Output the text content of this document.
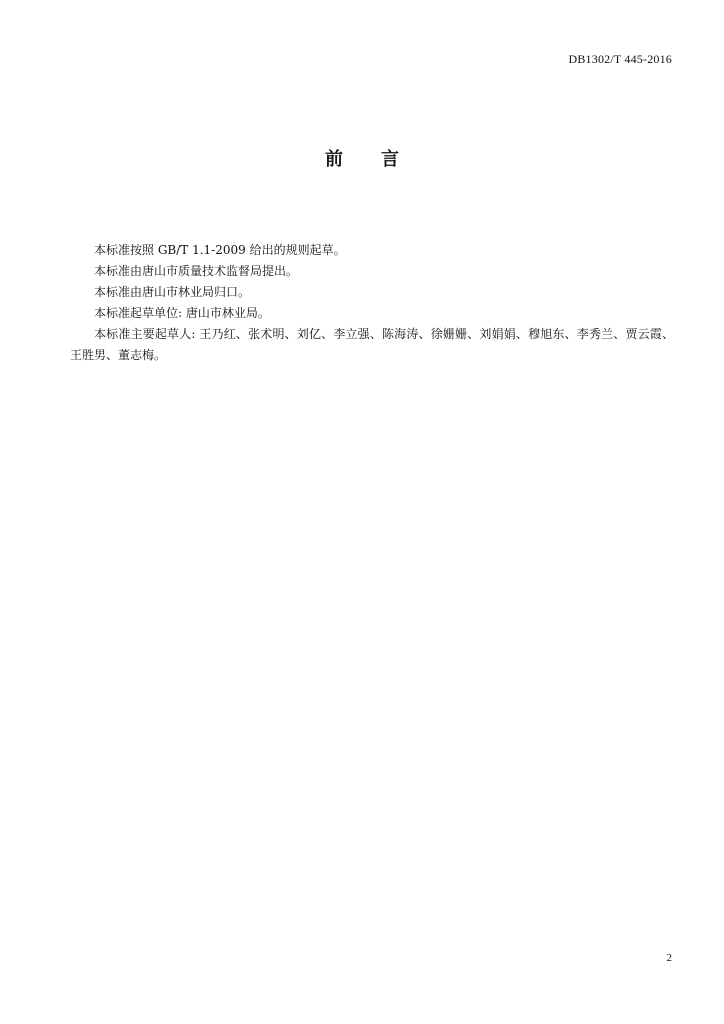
DB1302/T 445-2016
前 言

本标准按照 GB/T 1.1-2009 给出的规则起草。

本标准由唐山市质量技术监督局提出。

本标准由唐山市林业局归口。

本标准起草单位: 唐山市林业局。

本标准主要起草人: 王乃红、张术明、刘亿、李立强、陈海涛、徐姗姗、刘娟娟、穆旭东、李秀兰、贾云霞、王胜男、董志梅。

2
